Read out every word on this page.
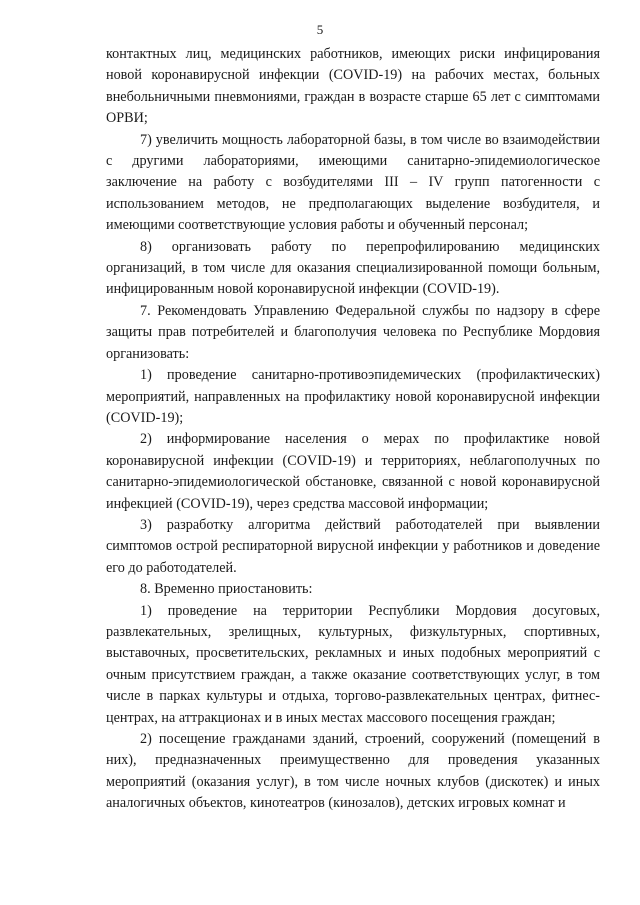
5

контактных лиц, медицинских работников, имеющих риски инфицирования новой коронавирусной инфекции (COVID-19) на рабочих местах, больных внебольничными пневмониями, граждан в возрасте старше 65 лет с симптомами ОРВИ;

7) увеличить мощность лабораторной базы, в том числе во взаимодействии с другими лабораториями, имеющими санитарно-эпидемиологическое заключение на работу с возбудителями III – IV групп патогенности с использованием методов, не предполагающих выделение возбудителя, и имеющими соответствующие условия работы и обученный персонал;

8) организовать работу по перепрофилированию медицинских организаций, в том числе для оказания специализированной помощи больным, инфицированным новой коронавирусной инфекции (COVID-19).

7. Рекомендовать Управлению Федеральной службы по надзору в сфере защиты прав потребителей и благополучия человека по Республике Мордовия организовать:

1) проведение санитарно-противоэпидемических (профилактических) мероприятий, направленных на профилактику новой коронавирусной инфекции (COVID-19);

2) информирование населения о мерах по профилактике новой коронавирусной инфекции (COVID-19) и территориях, неблагополучных по санитарно-эпидемиологической обстановке, связанной с новой коронавирусной инфекцией (COVID-19), через средства массовой информации;

3) разработку алгоритма действий работодателей при выявлении симптомов острой респираторной вирусной инфекции у работников и доведение его до работодателей.

8. Временно приостановить:

1) проведение на территории Республики Мордовия досуговых, развлекательных, зрелищных, культурных, физкультурных, спортивных, выставочных, просветительских, рекламных и иных подобных мероприятий с очным присутствием граждан, а также оказание соответствующих услуг, в том числе в парках культуры и отдыха, торгово-развлекательных центрах, фитнес-центрах, на аттракционах и в иных местах массового посещения граждан;

2) посещение гражданами зданий, строений, сооружений (помещений в них), предназначенных преимущественно для проведения указанных мероприятий (оказания услуг), в том числе ночных клубов (дискотек) и иных аналогичных объектов, кинотеатров (кинозалов), детских игровых комнат и
